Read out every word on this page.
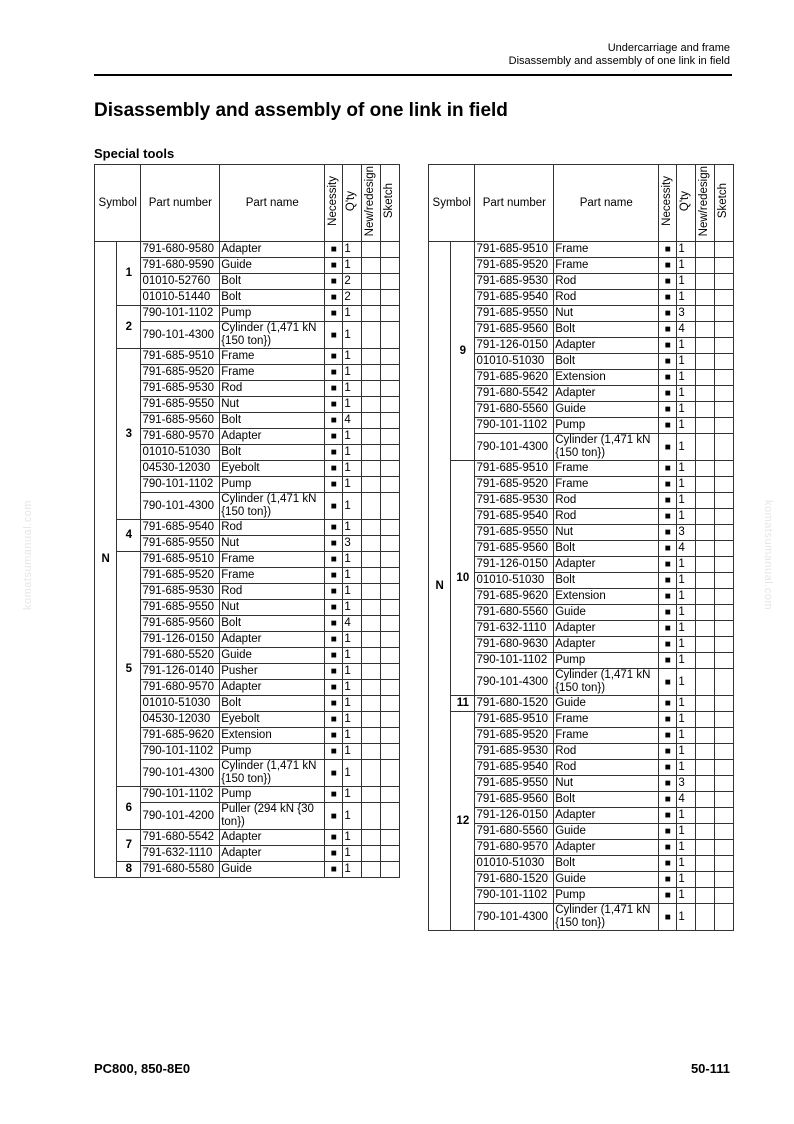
Undercarriage and frame
Disassembly and assembly of one link in field
Disassembly and assembly of one link in field
Special tools
Symbol		Part number	Part name	Necessity	Q'ty	New/redesign	Sketch
N	1	791-680-9580	Adapter	■	1		
		791-680-9590	Guide	■	1		
		01010-52760	Bolt	■	2		
		01010-51440	Bolt	■	2		
	2	790-101-1102	Pump	■	1		
		790-101-4300	Cylinder (1,471 kN {150 ton})	■	1		
	3	791-685-9510	Frame	■	1		
		791-685-9520	Frame	■	1		
		791-685-9530	Rod	■	1		
		791-685-9550	Nut	■	1		
		791-685-9560	Bolt	■	4		
		791-680-9570	Adapter	■	1		
		01010-51030	Bolt	■	1		
		04530-12030	Eyebolt	■	1		
		790-101-1102	Pump	■	1		
		790-101-4300	Cylinder (1,471 kN {150 ton})	■	1		
	4	791-685-9540	Rod	■	1		
		791-685-9550	Nut	■	3		
	5	791-685-9510	Frame	■	1		
		791-685-9520	Frame	■	1		
		791-685-9530	Rod	■	1		
		791-685-9550	Nut	■	1		
		791-685-9560	Bolt	■	4		
		791-126-0150	Adapter	■	1		
		791-680-5520	Guide	■	1		
		791-126-0140	Pusher	■	1		
		791-680-9570	Adapter	■	1		
		01010-51030	Bolt	■	1		
		04530-12030	Eyebolt	■	1		
		791-685-9620	Extension	■	1		
		790-101-1102	Pump	■	1		
		790-101-4300	Cylinder (1,471 kN {150 ton})	■	1		
	6	790-101-1102	Pump	■	1		
		790-101-4200	Puller (294 kN {30 ton})	■	1		
	7	791-680-5542	Adapter	■	1		
		791-632-1110	Adapter	■	1		
	8	791-680-5580	Guide	■	1		
Symbol		Part number	Part name	Necessity	Q'ty	New/redesign	Sketch
N	9	791-685-9510	Frame	■	1		
		791-685-9520	Frame	■	1		
		791-685-9530	Rod	■	1		
		791-685-9540	Rod	■	1		
		791-685-9550	Nut	■	3		
		791-685-9560	Bolt	■	4		
		791-126-0150	Adapter	■	1		
		01010-51030	Bolt	■	1		
		791-685-9620	Extension	■	1		
		791-680-5542	Adapter	■	1		
		791-680-5560	Guide	■	1		
		790-101-1102	Pump	■	1		
		790-101-4300	Cylinder (1,471 kN {150 ton})	■	1		
	10	791-685-9510	Frame	■	1		
		791-685-9520	Frame	■	1		
		791-685-9530	Rod	■	1		
		791-685-9540	Rod	■	1		
		791-685-9550	Nut	■	3		
		791-685-9560	Bolt	■	4		
		791-126-0150	Adapter	■	1		
		01010-51030	Bolt	■	1		
		791-685-9620	Extension	■	1		
		791-680-5560	Guide	■	1		
		791-632-1110	Adapter	■	1		
		791-680-9630	Adapter	■	1		
		790-101-1102	Pump	■	1		
		790-101-4300	Cylinder (1,471 kN {150 ton})	■	1		
	11	791-680-1520	Guide	■	1		
	12	791-685-9510	Frame	■	1		
		791-685-9520	Frame	■	1		
		791-685-9530	Rod	■	1		
		791-685-9540	Rod	■	1		
		791-685-9550	Nut	■	3		
		791-685-9560	Bolt	■	4		
		791-126-0150	Adapter	■	1		
		791-680-5560	Guide	■	1		
		791-680-9570	Adapter	■	1		
		01010-51030	Bolt	■	1		
		791-680-1520	Guide	■	1		
		790-101-1102	Pump	■	1		
		790-101-4300	Cylinder (1,471 kN {150 ton})	■	1		
komatsumanual.com	komatsumanual.com
PC800, 850-8E0	50-111
